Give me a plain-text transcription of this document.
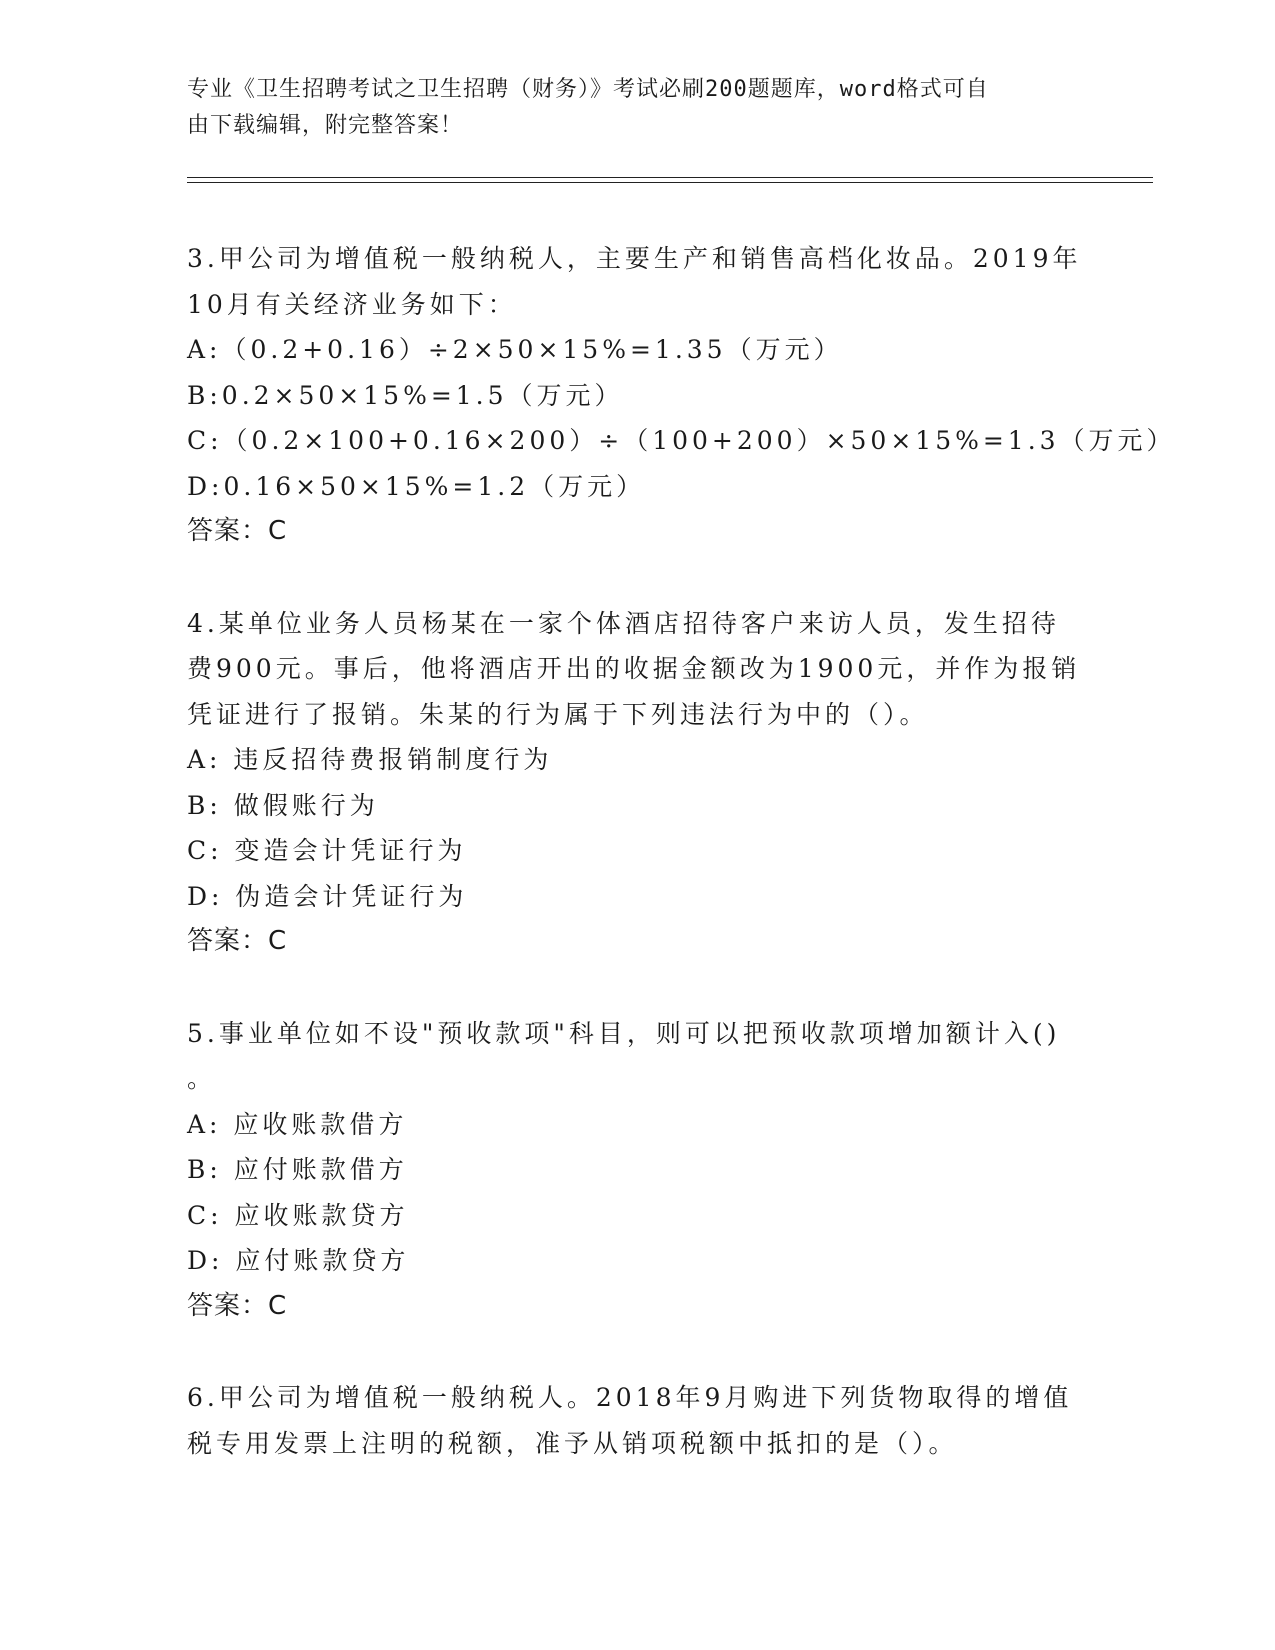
专业《卫生招聘考试之卫生招聘（财务）》考试必刷200题题库，word格式可自
由下载编辑，附完整答案！
3.甲公司为增值税一般纳税人，主要生产和销售高档化妆品。2019年
10月有关经济业务如下：
A:（0.2+0.16）÷2×50×15%=1.35（万元）
B:0.2×50×15%=1.5（万元）
C:（0.2×100+0.16×200）÷（100+200）×50×15%=1.3（万元）
D:0.16×50×15%=1.2（万元）
答案：C
4.某单位业务人员杨某在一家个体酒店招待客户来访人员，发生招待
费900元。事后，他将酒店开出的收据金额改为1900元，并作为报销
凭证进行了报销。朱某的行为属于下列违法行为中的（）。
A: 违反招待费报销制度行为
B: 做假账行为
C: 变造会计凭证行为
D: 伪造会计凭证行为
答案：C
5.事业单位如不设"预收款项"科目，则可以把预收款项增加额计入()
。
A: 应收账款借方
B: 应付账款借方
C: 应收账款贷方
D: 应付账款贷方
答案：C
6.甲公司为增值税一般纳税人。2018年9月购进下列货物取得的增值
税专用发票上注明的税额，准予从销项税额中抵扣的是（）。
